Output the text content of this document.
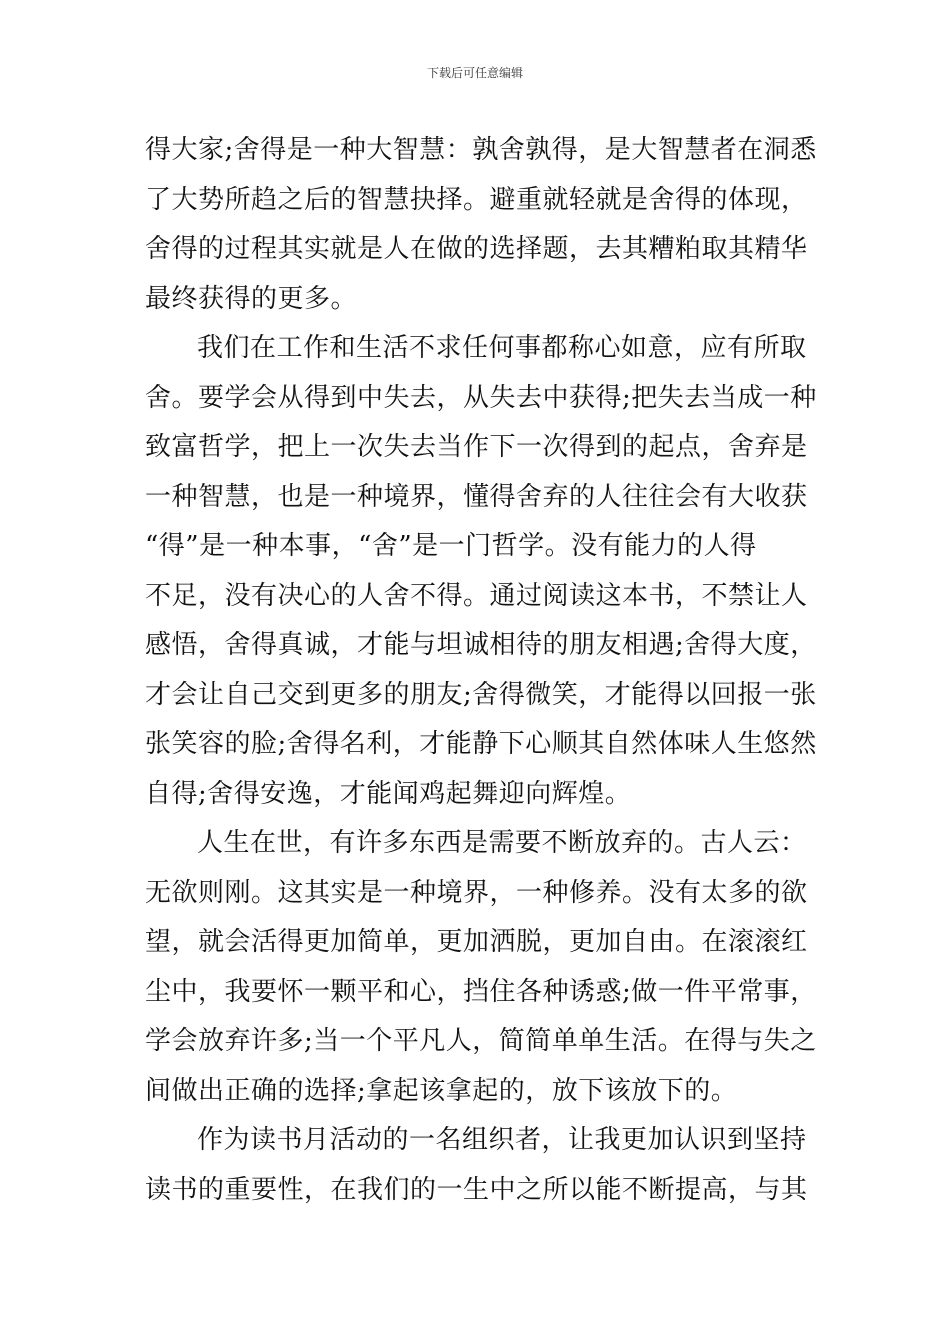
下载后可任意编辑
得大家;舍得是一种大智慧：孰舍孰得，是大智慧者在洞悉
了大势所趋之后的智慧抉择。避重就轻就是舍得的体现，
舍得的过程其实就是人在做的选择题，去其糟粕取其精华
最终获得的更多。
我们在工作和生活不求任何事都称心如意，应有所取
舍。要学会从得到中失去，从失去中获得;把失去当成一种
致富哲学，把上一次失去当作下一次得到的起点，舍弃是
一种智慧，也是一种境界，懂得舍弃的人往往会有大收获
“得”是一种本事，“舍”是一门哲学。没有能力的人得
不足，没有决心的人舍不得。通过阅读这本书，不禁让人
感悟，舍得真诚，才能与坦诚相待的朋友相遇;舍得大度，
才会让自己交到更多的朋友;舍得微笑，才能得以回报一张
张笑容的脸;舍得名利，才能静下心顺其自然体味人生悠然
自得;舍得安逸，才能闻鸡起舞迎向辉煌。
人生在世，有许多东西是需要不断放弃的。古人云：
无欲则刚。这其实是一种境界，一种修养。没有太多的欲
望，就会活得更加简单，更加洒脱，更加自由。在滚滚红
尘中，我要怀一颗平和心，挡住各种诱惑;做一件平常事，
学会放弃许多;当一个平凡人，简简单单生活。在得与失之
间做出正确的选择;拿起该拿起的，放下该放下的。
作为读书月活动的一名组织者，让我更加认识到坚持
读书的重要性，在我们的一生中之所以能不断提高，与其
